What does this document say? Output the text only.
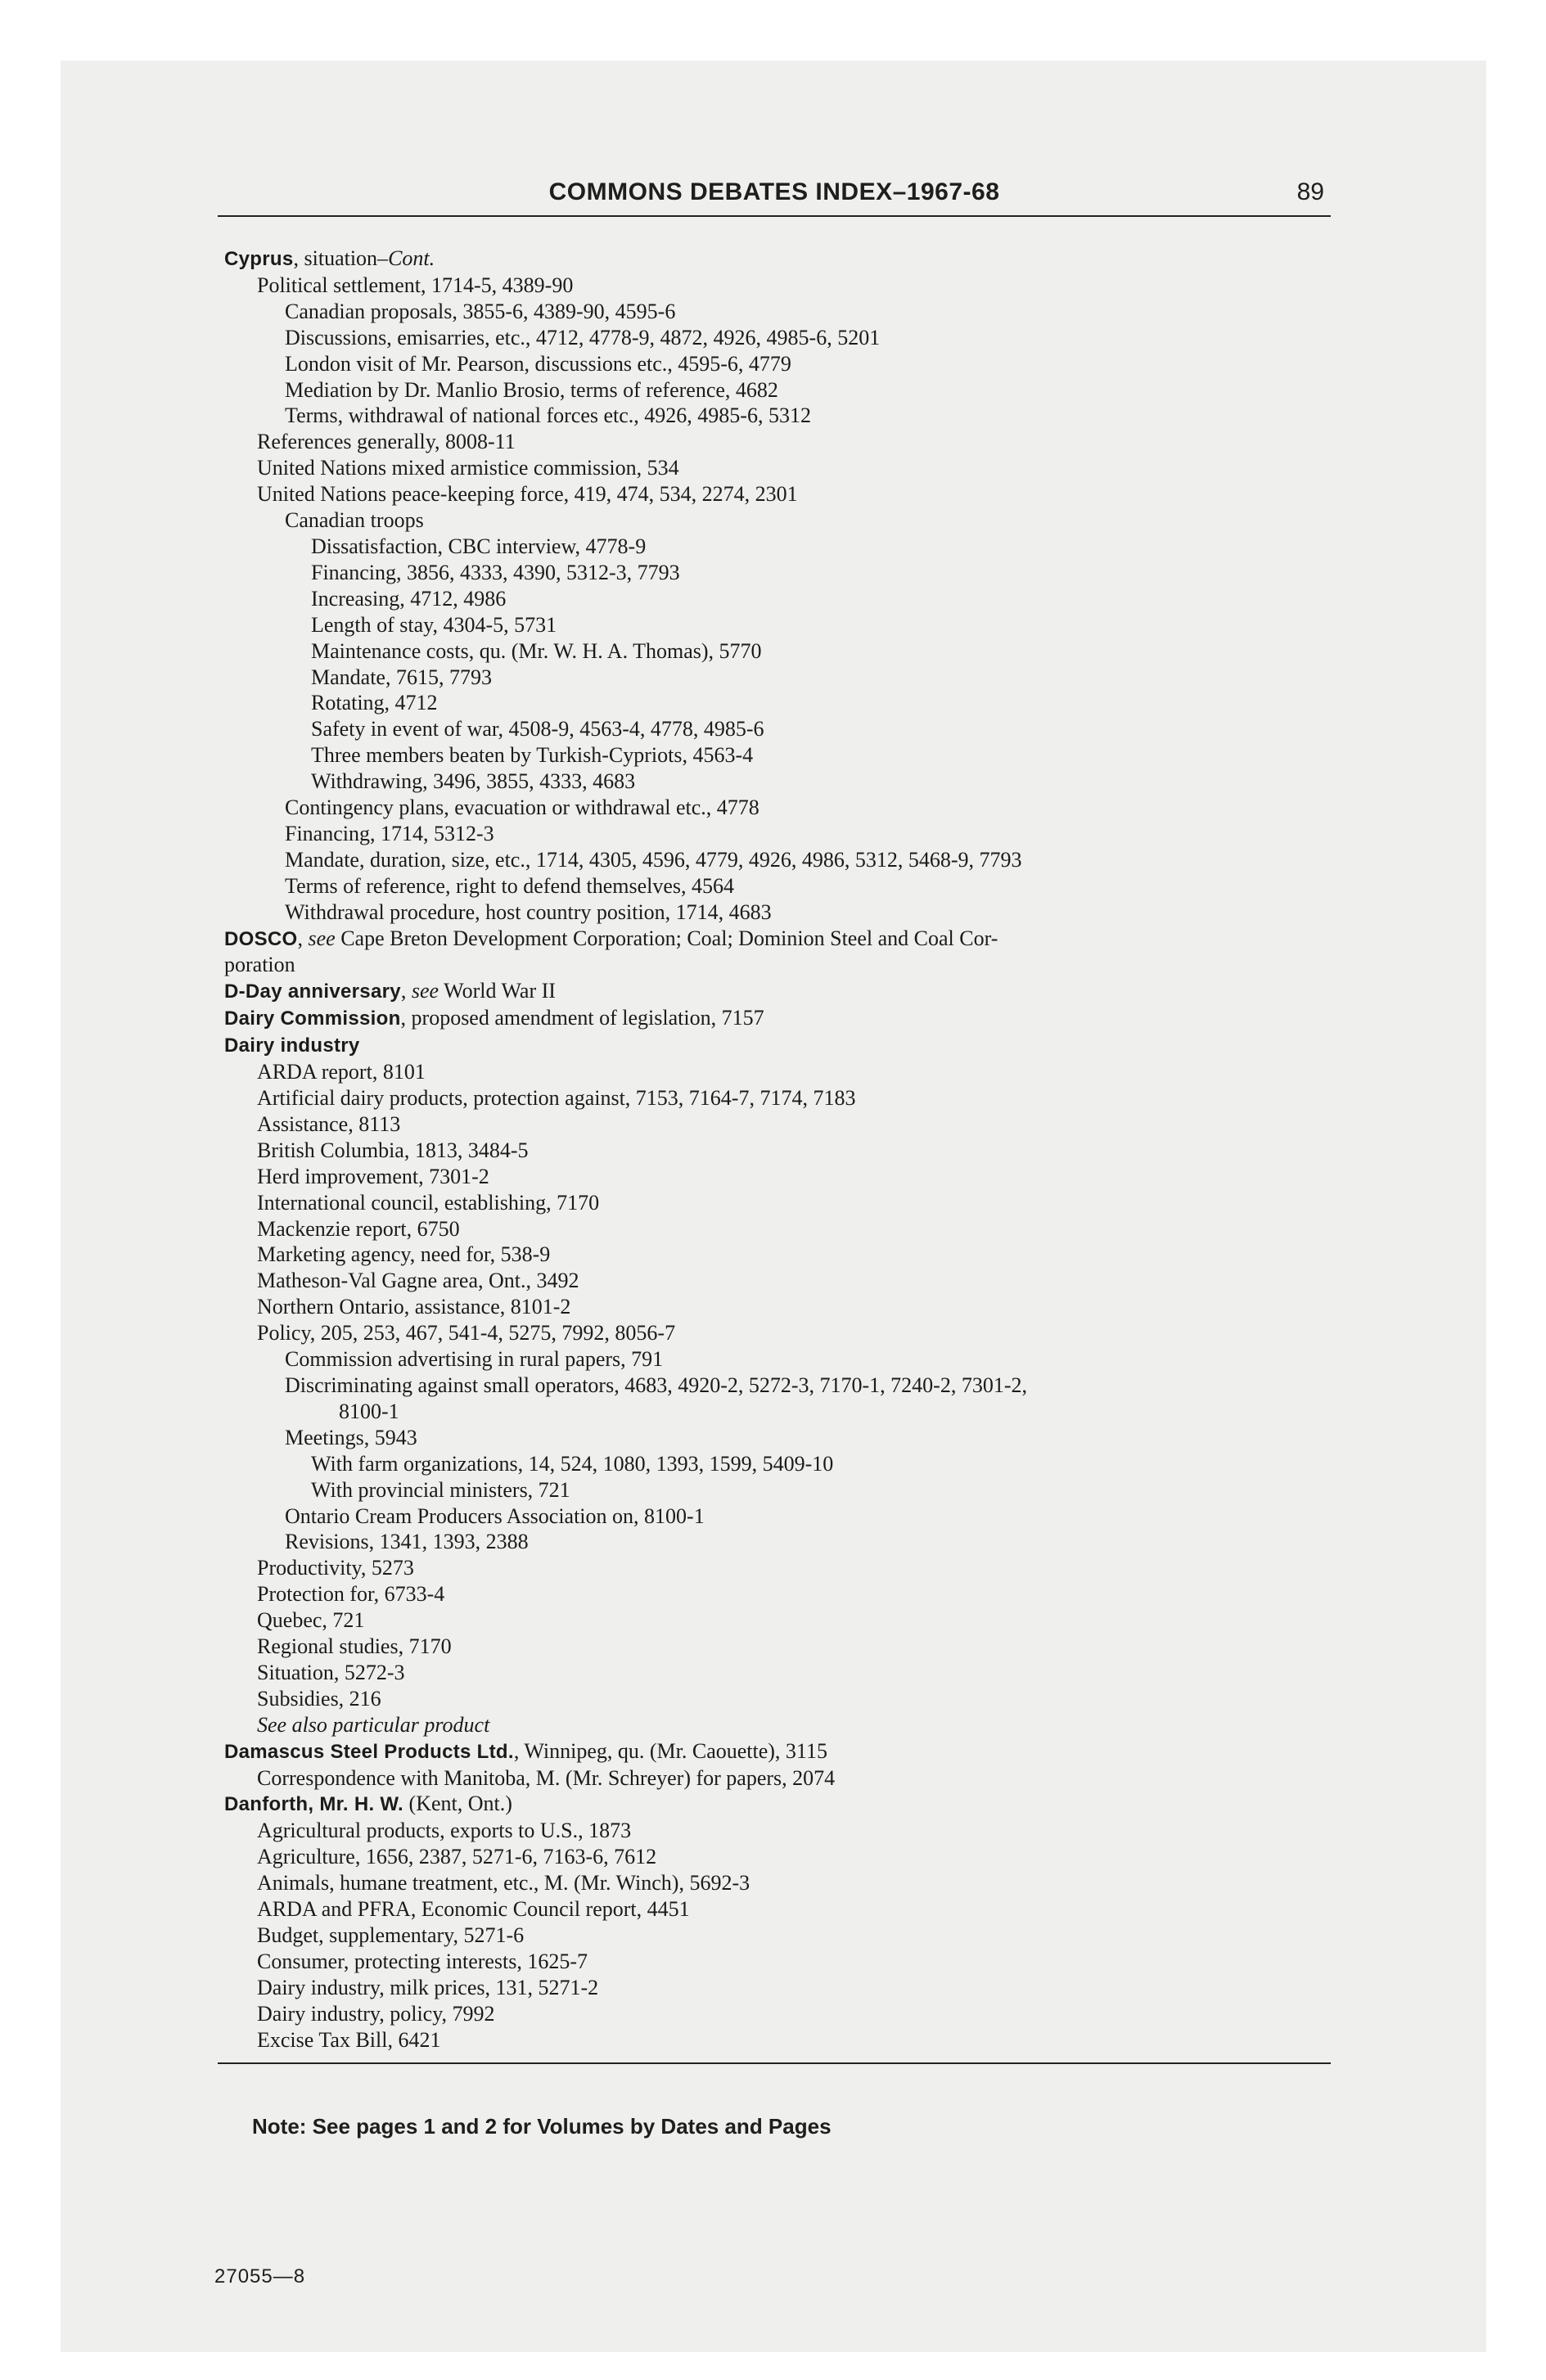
COMMONS DEBATES INDEX–1967-68	89
Cyprus, situation–Cont.
Political settlement, 1714-5, 4389-90
Canadian proposals, 3855-6, 4389-90, 4595-6
Discussions, emisarries, etc., 4712, 4778-9, 4872, 4926, 4985-6, 5201
London visit of Mr. Pearson, discussions etc., 4595-6, 4779
Mediation by Dr. Manlio Brosio, terms of reference, 4682
Terms, withdrawal of national forces etc., 4926, 4985-6, 5312
References generally, 8008-11
United Nations mixed armistice commission, 534
United Nations peace-keeping force, 419, 474, 534, 2274, 2301
Canadian troops
Dissatisfaction, CBC interview, 4778-9
Financing, 3856, 4333, 4390, 5312-3, 7793
Increasing, 4712, 4986
Length of stay, 4304-5, 5731
Maintenance costs, qu. (Mr. W. H. A. Thomas), 5770
Mandate, 7615, 7793
Rotating, 4712
Safety in event of war, 4508-9, 4563-4, 4778, 4985-6
Three members beaten by Turkish-Cypriots, 4563-4
Withdrawing, 3496, 3855, 4333, 4683
Contingency plans, evacuation or withdrawal etc., 4778
Financing, 1714, 5312-3
Mandate, duration, size, etc., 1714, 4305, 4596, 4779, 4926, 4986, 5312, 5468-9, 7793
Terms of reference, right to defend themselves, 4564
Withdrawal procedure, host country position, 1714, 4683
DOSCO, see Cape Breton Development Corporation; Coal; Dominion Steel and Coal Cor-
poration
D-Day anniversary, see World War II
Dairy Commission, proposed amendment of legislation, 7157
Dairy industry
ARDA report, 8101
Artificial dairy products, protection against, 7153, 7164-7, 7174, 7183
Assistance, 8113
British Columbia, 1813, 3484-5
Herd improvement, 7301-2
International council, establishing, 7170
Mackenzie report, 6750
Marketing agency, need for, 538-9
Matheson-Val Gagne area, Ont., 3492
Northern Ontario, assistance, 8101-2
Policy, 205, 253, 467, 541-4, 5275, 7992, 8056-7
Commission advertising in rural papers, 791
Discriminating against small operators, 4683, 4920-2, 5272-3, 7170-1, 7240-2, 7301-2,
8100-1
Meetings, 5943
With farm organizations, 14, 524, 1080, 1393, 1599, 5409-10
With provincial ministers, 721
Ontario Cream Producers Association on, 8100-1
Revisions, 1341, 1393, 2388
Productivity, 5273
Protection for, 6733-4
Quebec, 721
Regional studies, 7170
Situation, 5272-3
Subsidies, 216
See also particular product
Damascus Steel Products Ltd., Winnipeg, qu. (Mr. Caouette), 3115
Correspondence with Manitoba, M. (Mr. Schreyer) for papers, 2074
Danforth, Mr. H. W. (Kent, Ont.)
Agricultural products, exports to U.S., 1873
Agriculture, 1656, 2387, 5271-6, 7163-6, 7612
Animals, humane treatment, etc., M. (Mr. Winch), 5692-3
ARDA and PFRA, Economic Council report, 4451
Budget, supplementary, 5271-6
Consumer, protecting interests, 1625-7
Dairy industry, milk prices, 131, 5271-2
Dairy industry, policy, 7992
Excise Tax Bill, 6421
Note: See pages 1 and 2 for Volumes by Dates and Pages
27055—8
